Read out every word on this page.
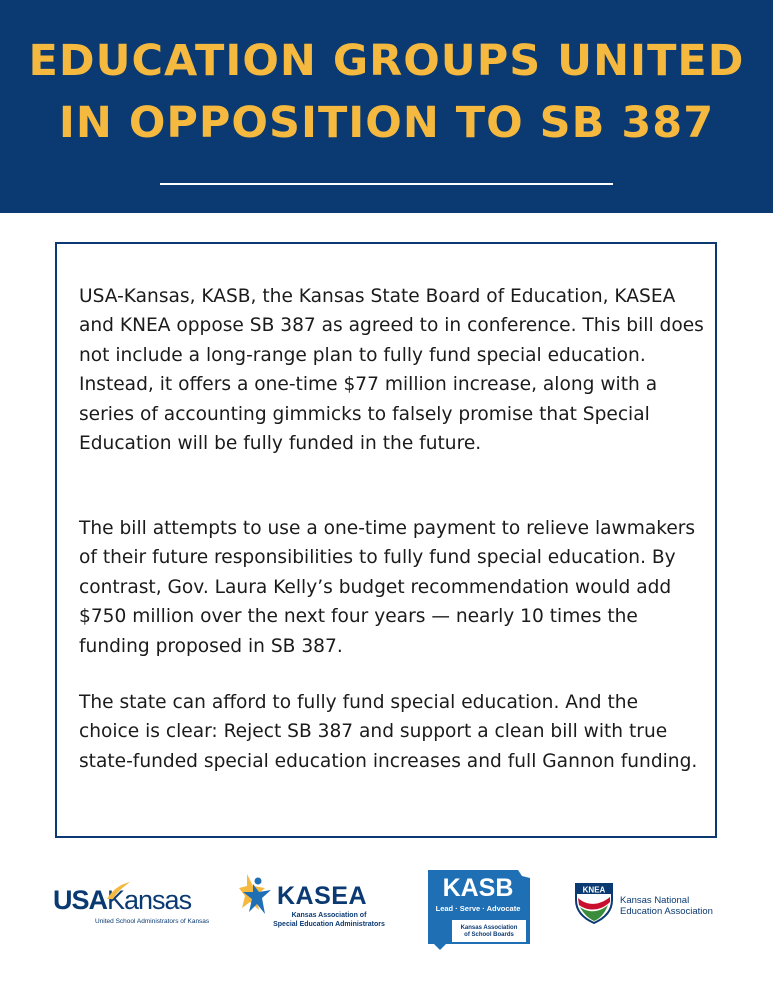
EDUCATION GROUPS UNITED
IN OPPOSITION TO SB 387

USA-Kansas, KASB, the Kansas State Board of Education, KASEA and KNEA oppose SB 387 as agreed to in conference. This bill does not include a long-range plan to fully fund special education. Instead, it offers a one-time $77 million increase, along with a series of accounting gimmicks to falsely promise that Special Education will be fully funded in the future.

The bill attempts to use a one-time payment to relieve lawmakers of their future responsibilities to fully fund special education. By contrast, Gov. Laura Kelly’s budget recommendation would add $750 million over the next four years — nearly 10 times the funding proposed in SB 387.

The state can afford to fully fund special education. And the choice is clear: Reject SB 387 and support a clean bill with true state-funded special education increases and full Gannon funding.

USAKansas
United School Administrators of Kansas
KASEA
Kansas Association of
Special Education Administrators
KASB
Lead · Serve · Advocate
Kansas Association
of School Boards
KNEA
Kansas National
Education Association
